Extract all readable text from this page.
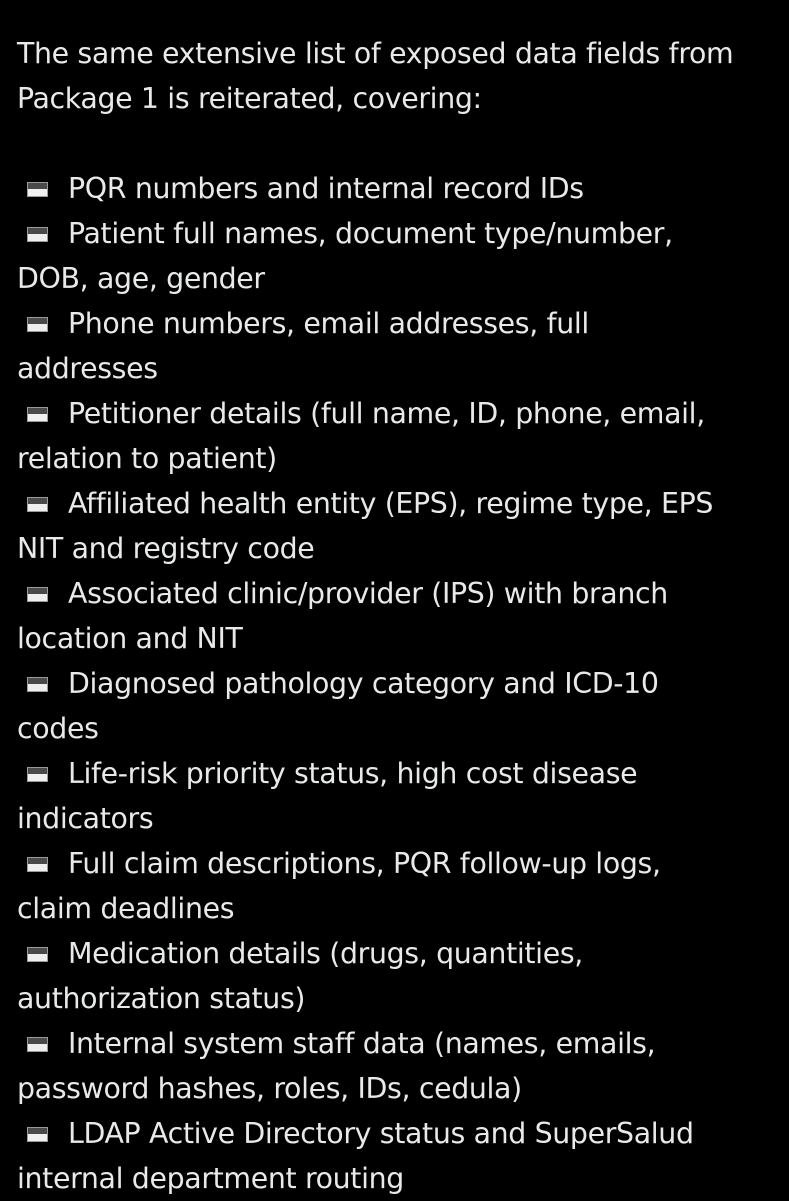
The same extensive list of exposed data fields from
Package 1 is reiterated, covering:

PQR numbers and internal record IDs
Patient full names, document type/number,
DOB, age, gender
Phone numbers, email addresses, full
addresses
Petitioner details (full name, ID, phone, email,
relation to patient)
Affiliated health entity (EPS), regime type, EPS
NIT and registry code
Associated clinic/provider (IPS) with branch
location and NIT
Diagnosed pathology category and ICD-10
codes
Life-risk priority status, high cost disease
indicators
Full claim descriptions, PQR follow-up logs,
claim deadlines
Medication details (drugs, quantities,
authorization status)
Internal system staff data (names, emails,
password hashes, roles, IDs, cedula)
LDAP Active Directory status and SuperSalud
internal department routing
